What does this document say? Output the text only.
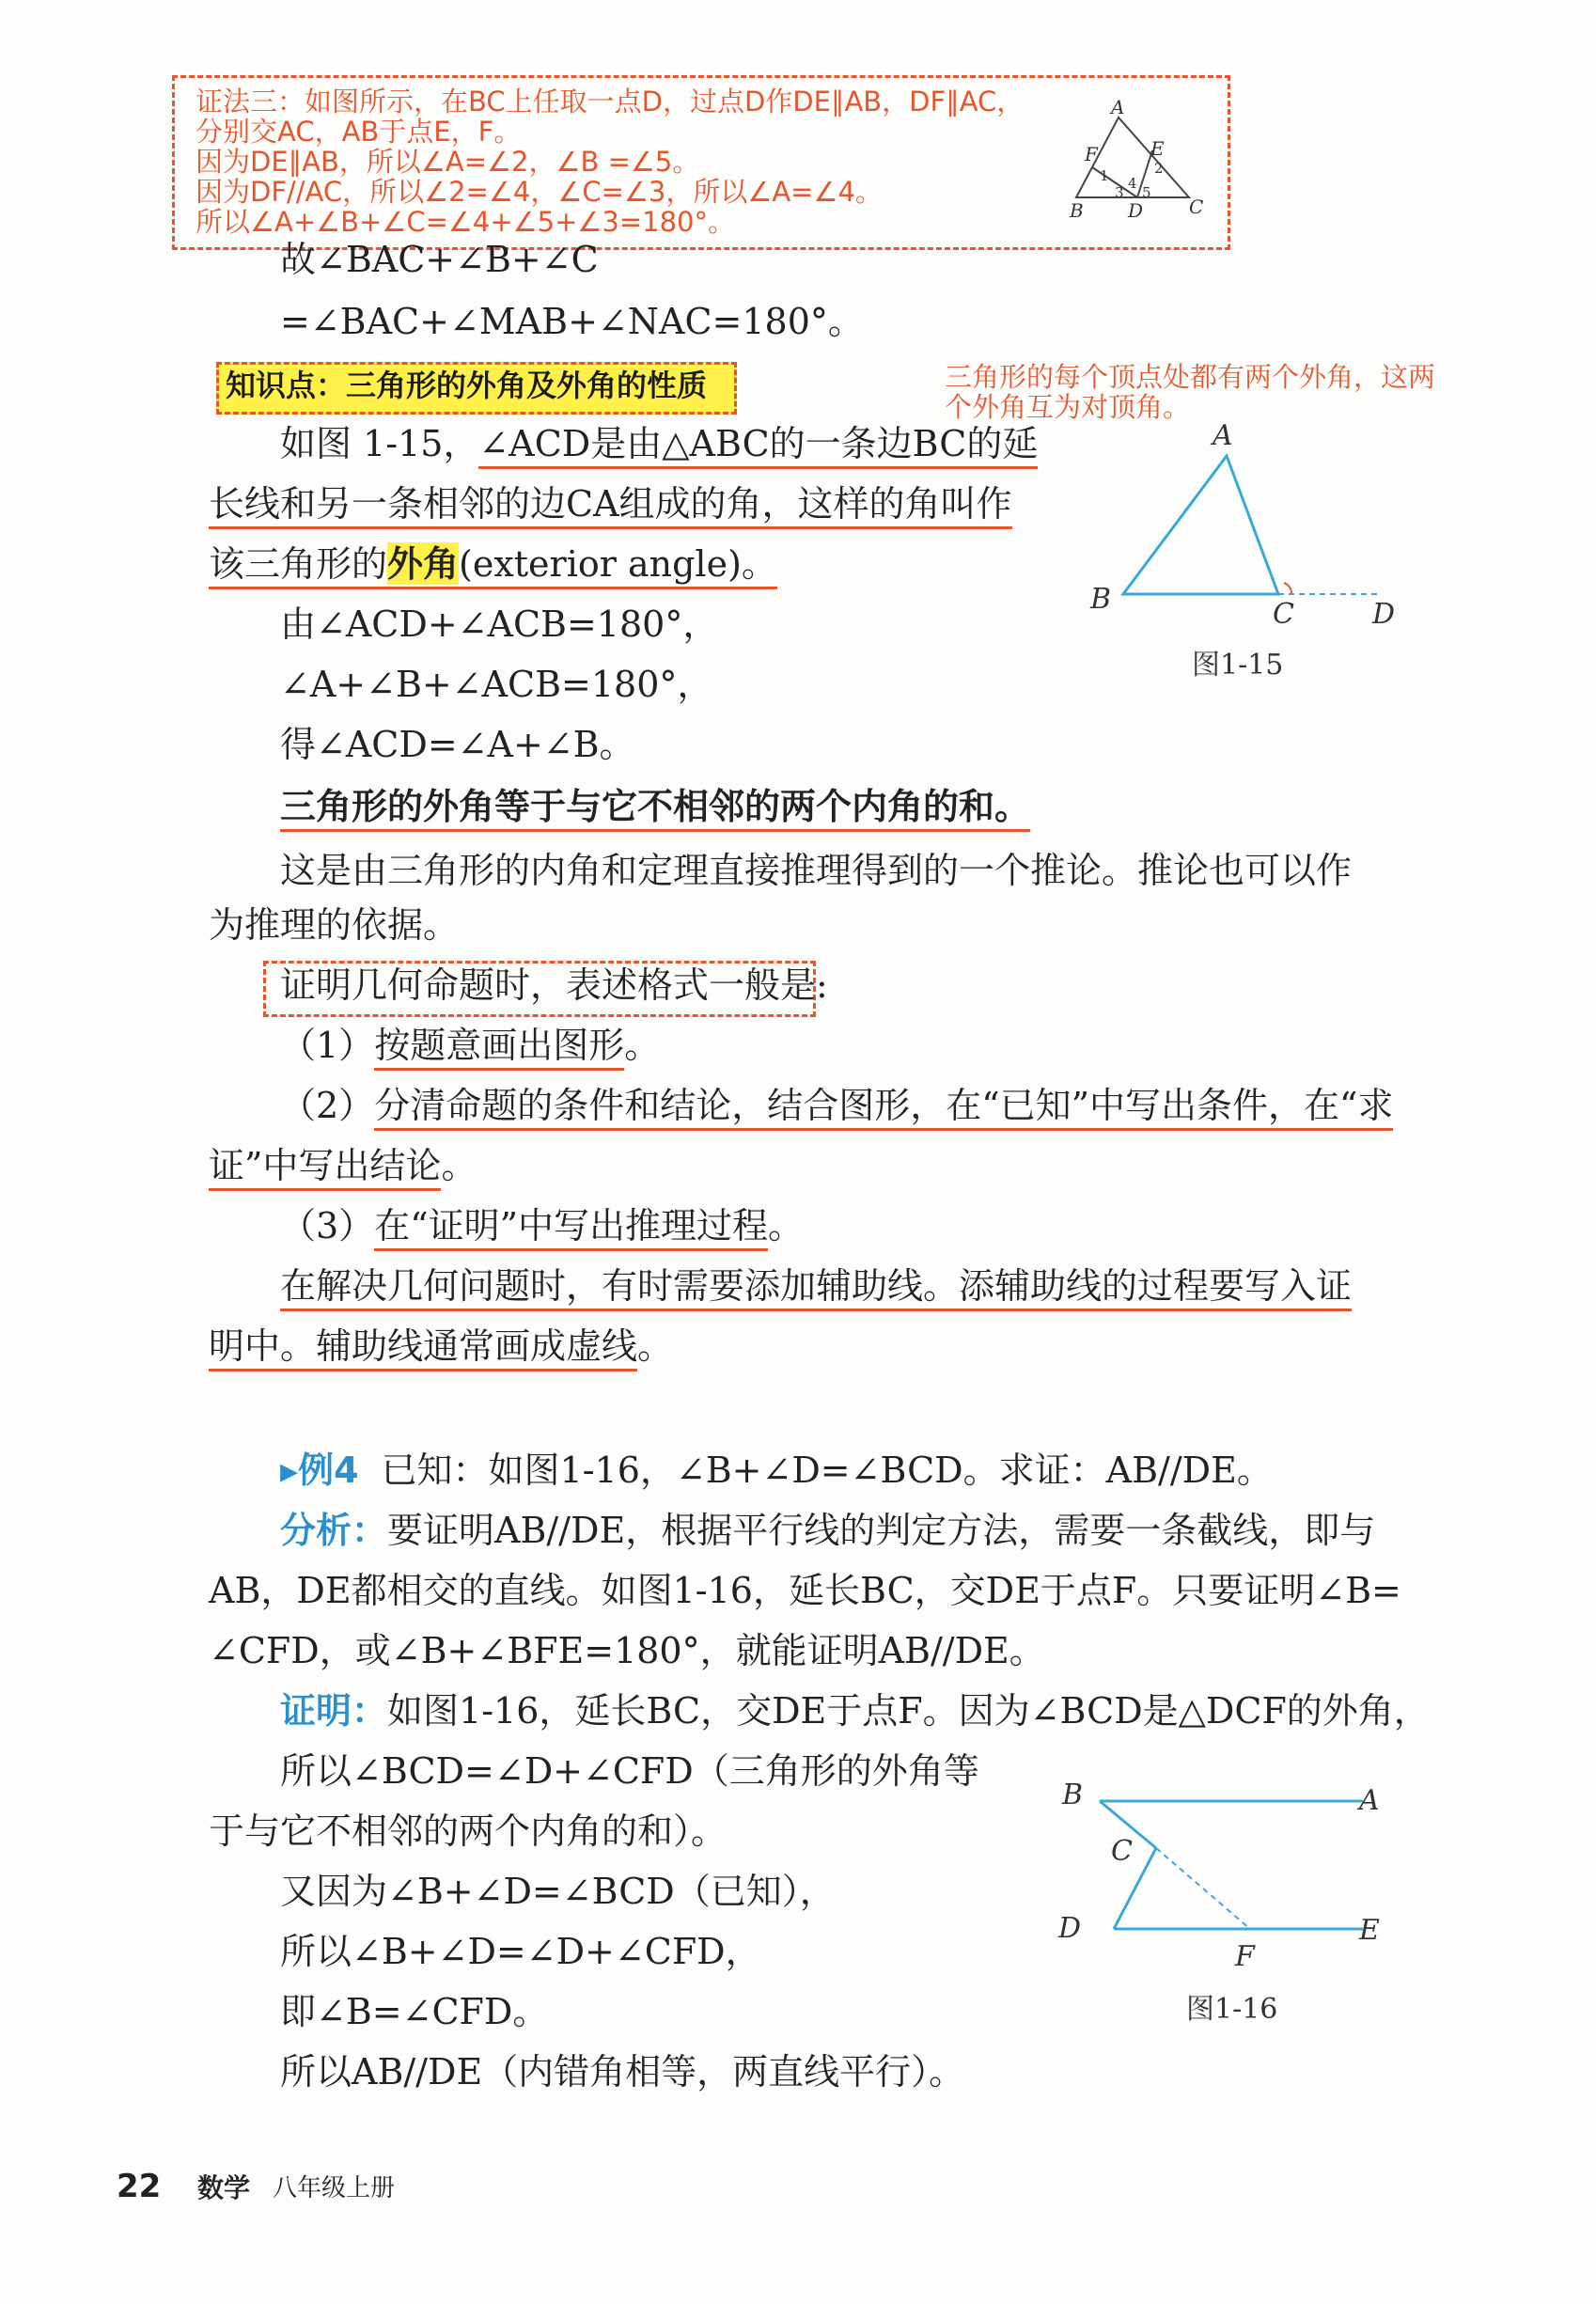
证法三：如图所示，在BC上任取一点D，过点D作DE∥AB，DF∥AC，
分别交AC，AB于点E，F。
因为DE∥AB，所以∠A=∠2，∠B =∠5。
因为DF//AC，所以∠2=∠4，∠C=∠3，所以∠A=∠4。
所以∠A+∠B+∠C=∠4+∠5+∠3=180°。
A
B	C
D
E
F
1	2
3
4
5
故∠BAC+∠B+∠C
=∠BAC+∠MAB+∠NAC=180°。
知识点：三角形的外角及外角的性质	三角形的每个顶点处都有两个外角，这两
个外角互为对顶角。
如图 1-15，∠ACD是由△ABC的一条边BC的延
长线和另一条相邻的边CA组成的角，这样的角叫作
该三角形的外角(exterior angle)。
A
B	C	D
图1-15
由∠ACD+∠ACB=180°，
∠A+∠B+∠ACB=180°，
得∠ACD=∠A+∠B。
三角形的外角等于与它不相邻的两个内角的和。
这是由三角形的内角和定理直接推理得到的一个推论。推论也可以作
为推理的依据。
证明几何命题时，表述格式一般是:
（1）按题意画出图形。
（2）分清命题的条件和结论，结合图形，在“已知”中写出条件，在“求
证”中写出结论。
（3）在“证明”中写出推理过程。
在解决几何问题时，有时需要添加辅助线。添辅助线的过程要写入证
明中。辅助线通常画成虚线。
▸例4 已知：如图1-16，∠B+∠D=∠BCD。求证：AB//DE。
分析：要证明AB//DE，根据平行线的判定方法，需要一条截线，即与
AB，DE都相交的直线。如图1-16，延长BC，交DE于点F。只要证明∠B=
∠CFD，或∠B+∠BFE=180°，就能证明AB//DE。
证明：如图1-16，延长BC，交DE于点F。因为∠BCD是△DCF的外角，
所以∠BCD=∠D+∠CFD（三角形的外角等
于与它不相邻的两个内角的和）。
又因为∠B+∠D=∠BCD（已知），
所以∠B+∠D=∠D+∠CFD，
即∠B=∠CFD。
所以AB//DE（内错角相等，两直线平行）。
B	A
C
D	E
F
图1-16
22 数学 八年级上册
